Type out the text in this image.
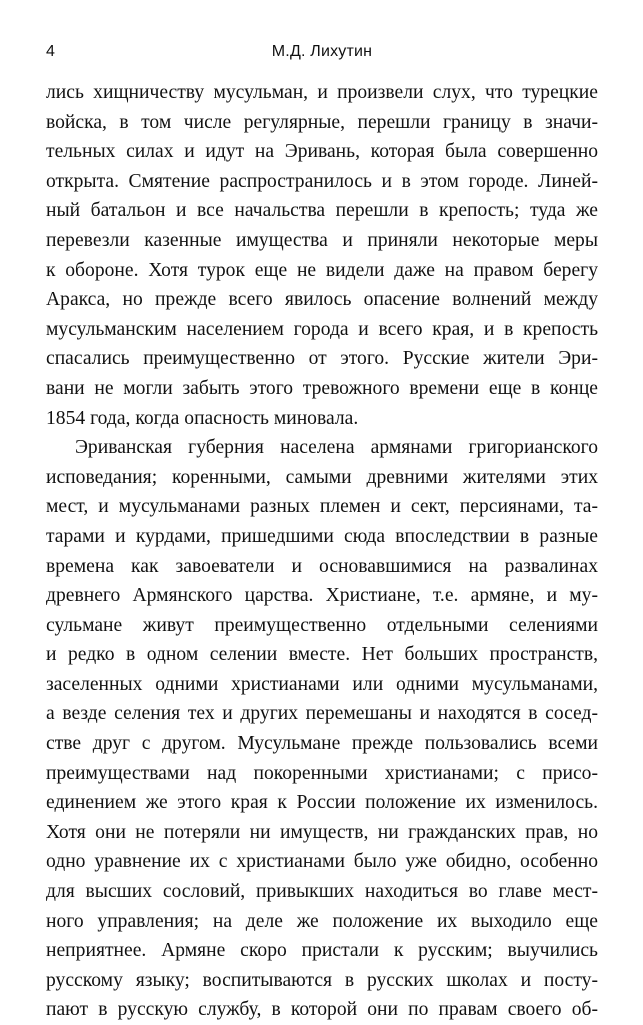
4	М.Д. Лихутин

лись хищничеству мусульман, и произвели слух, что турецкие
войска, в том числе регулярные, перешли границу в значи-
тельных силах и идут на Эривань, которая была совершенно
открыта. Смятение распространилось и в этом городе. Линей-
ный батальон и все начальства перешли в крепость; туда же
перевезли казенные имущества и приняли некоторые меры
к обороне. Хотя турок еще не видели даже на правом берегу
Аракса, но прежде всего явилось опасение волнений между
мусульманским населением города и всего края, и в крепость
спасались преимущественно от этого. Русские жители Эри-
вани не могли забыть этого тревожного времени еще в конце
1854 года, когда опасность миновала.

Эриванская губерния населена армянами григорианского
исповедания; коренными, самыми древними жителями этих
мест, и мусульманами разных племен и сект, персиянами, та-
тарами и курдами, пришедшими сюда впоследствии в разные
времена как завоеватели и основавшимися на развалинах
древнего Армянского царства. Христиане, т.е. армяне, и му-
сульмане живут преимущественно отдельными селениями
и редко в одном селении вместе. Нет больших пространств,
заселенных одними христианами или одними мусульманами,
а везде селения тех и других перемешаны и находятся в сосед-
стве друг с другом. Мусульмане прежде пользовались всеми
преимуществами над покоренными христианами; с присо-
единением же этого края к России положение их изменилось.
Хотя они не потеряли ни имуществ, ни гражданских прав, но
одно уравнение их с христианами было уже обидно, особенно
для высших сословий, привыкших находиться во главе мест-
ного управления; на деле же положение их выходило еще
неприятнее. Армяне скоро пристали к русским; выучились
русскому языку; воспитываются в русских школах и посту-
пают в русскую службу, в которой они по правам своего об-
